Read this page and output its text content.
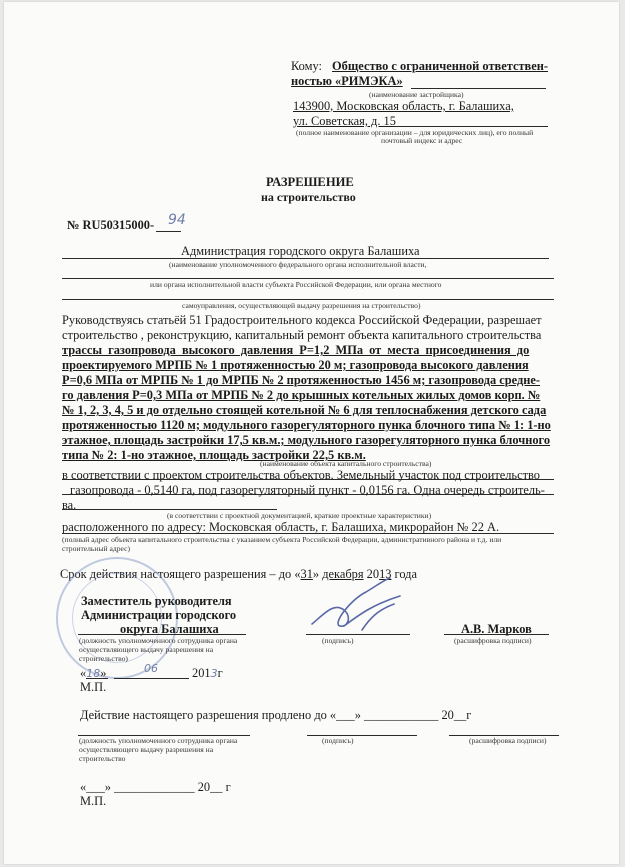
Кому: Общество с ограниченной ответствен-
ностью «РИМЭКА»
(наименование застройщика)
143900, Московская область, г. Балашиха,
ул. Советская, д. 15
(полное наименование организации – для юридических лиц), его полный
почтовый индекс и адрес
РАЗРЕШЕНИЕ
на строительство
№ RU50315000- 94
Администрация городского округа Балашиха
(наименование уполномоченного федерального органа исполнительной власти,
или органа исполнительной власти субъекта Российской Федерации, или органа местного
самоуправления, осуществляющей выдачу разрешения на строительство)
Руководствуясь статьёй 51 Градостроительного кодекса Российской Федерации, разрешает
строительство , реконструкцию, капитальный ремонт объекта капитального строительства
трассы газопровода высокого давления Р=1,2 МПа от места присоединения до
проектируемого МРПБ № 1 протяженностью 20 м; газопровода высокого давления
Р=0,6 МПа от МРПБ № 1 до МРПБ № 2 протяженностью 1456 м; газопровода средне-
го давления Р=0,3 МПа от МРПБ № 2 до крышных котельных жилых домов корп. №
№ 1, 2, 3, 4, 5 и до отдельно стоящей котельной № 6 для теплоснабжения детского сада
протяженностью 1120 м; модульного газорегуляторного пунка блочного типа № 1: 1-но
этажное, площадь застройки 17,5 кв.м.; модульного газорегуляторного пунка блочного
типа № 2: 1-но этажное, площадь застройки 22,5 кв.м.
(наименование объекта капитального строительства)
в соответствии с проектом строительства объектов. Земельный участок под строительство
газопровода - 0,5140 га, под газорегуляторный пункт - 0,0156 га. Одна очередь строитель-
ва.
(в соответствии с проектной документацией, краткие проектные характеристики)
расположенного по адресу: Московская область, г. Балашиха, микрорайон № 22 А.
(полный адрес объекта капитального строительства с указанием субъекта Российской Федерации, административного района и т.д. или
строительный адрес)
Срок действия настоящего разрешения – до «31» декабря 2013 года
Заместитель руководителя
Администрации городского
округа Балашиха	А.В. Марков
(должность уполномоченного сотрудника органа
осуществляющего выдачу разрешения на
строительство)
(подпись)	(расшифровка подписи)
«18»	06	2013г
М.П.
Действие настоящего разрешения продлено до «___» ____________ 20__г
(должность уполномоченного сотрудника органа
осуществляющего выдачу разрешения на
строительство
(подпись)	(расшифровка подписи)
«___» _____________ 20__ г
М.П.
